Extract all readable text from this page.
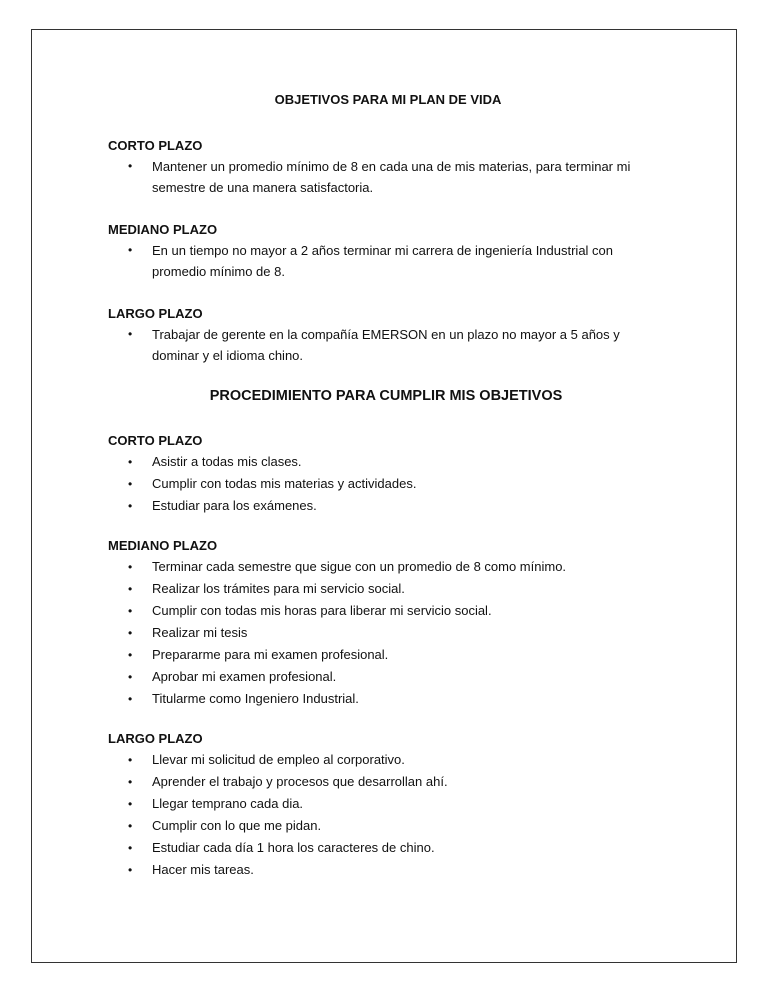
OBJETIVOS PARA MI PLAN DE VIDA
CORTO PLAZO
• Mantener un promedio mínimo de 8 en cada una de mis materias, para terminar mi semestre de una manera satisfactoria.
MEDIANO PLAZO
• En un tiempo no mayor a 2 años terminar mi carrera de ingeniería Industrial con promedio mínimo de 8.
LARGO PLAZO
• Trabajar de gerente en la compañía EMERSON en un plazo no mayor a 5 años y dominar y el idioma chino.
PROCEDIMIENTO PARA CUMPLIR MIS OBJETIVOS
CORTO PLAZO
• Asistir a todas mis clases.
• Cumplir con todas mis materias y actividades.
• Estudiar para los exámenes.
MEDIANO PLAZO
• Terminar cada semestre que sigue con un promedio de 8 como mínimo.
• Realizar los trámites para mi servicio social.
• Cumplir con todas mis horas para liberar mi servicio social.
• Realizar mi tesis
• Prepararme para mi examen profesional.
• Aprobar mi examen profesional.
• Titularme como Ingeniero Industrial.
LARGO PLAZO
• Llevar mi solicitud de empleo al corporativo.
• Aprender el trabajo y procesos que desarrollan ahí.
• Llegar temprano cada dia.
• Cumplir con lo que me pidan.
• Estudiar cada día 1 hora los caracteres de chino.
• Hacer mis tareas.
